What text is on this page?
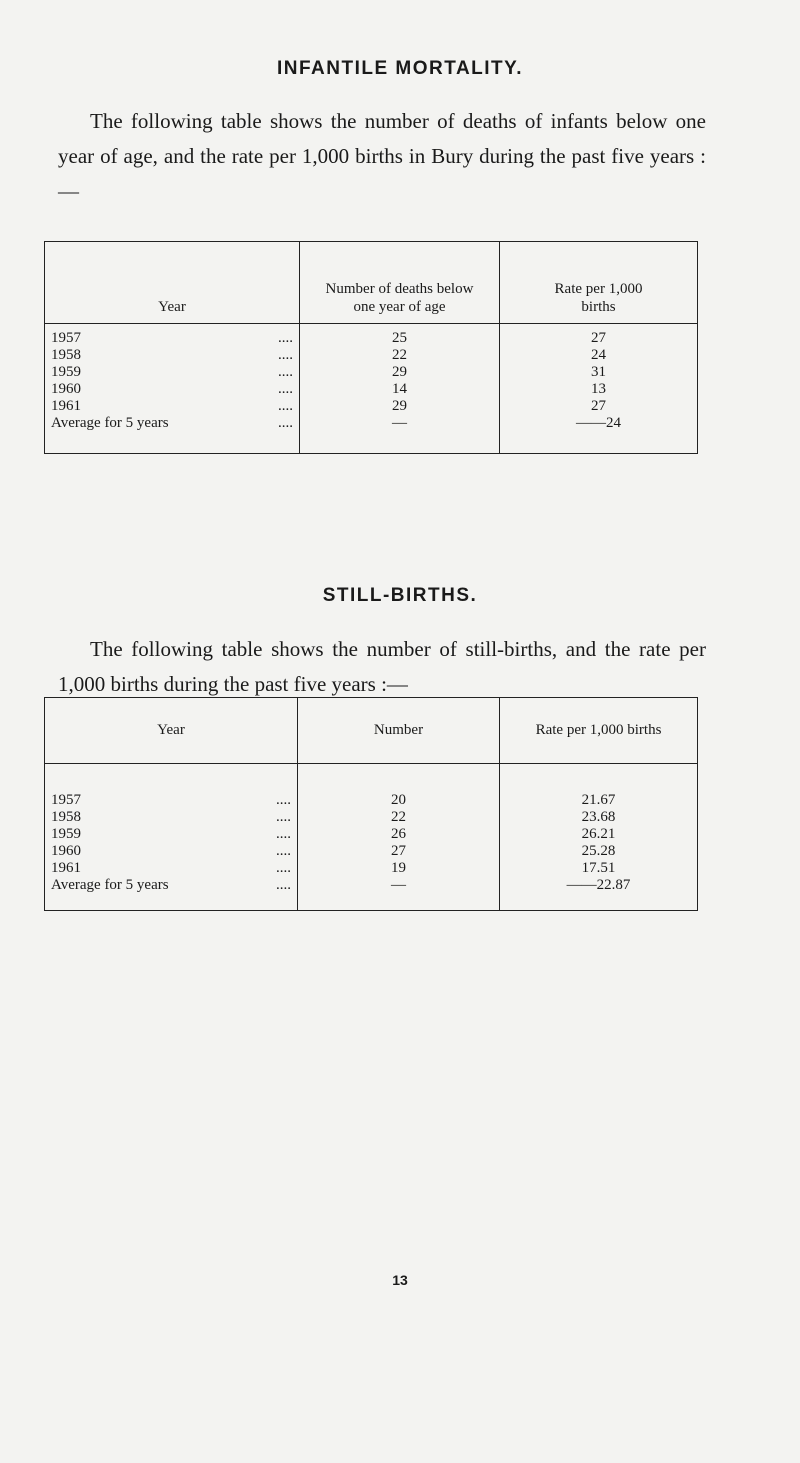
INFANTILE MORTALITY.

The following table shows the number of deaths of infants below one year of age, and the rate per 1,000 births in Bury during the past five years :—

Year	Number of deaths below one year of age	Rate per 1,000 births
1957 ....	25	27
1958 ....	22	24
1959 ....	29	31
1960 ....	14	13
1961 ....	29	27
Average for 5 years ....	—	——24
STILL-BIRTHS.

The following table shows the number of still-births, and the rate per 1,000 births during the past five years :—

Year	Number	Rate per 1,000 births
1957 ....	20	21.67
1958 ....	22	23.68
1959 ....	26	26.21
1960 ....	27	25.28
1961 ....	19	17.51
Average for 5 years ....	—	——22.87
13
